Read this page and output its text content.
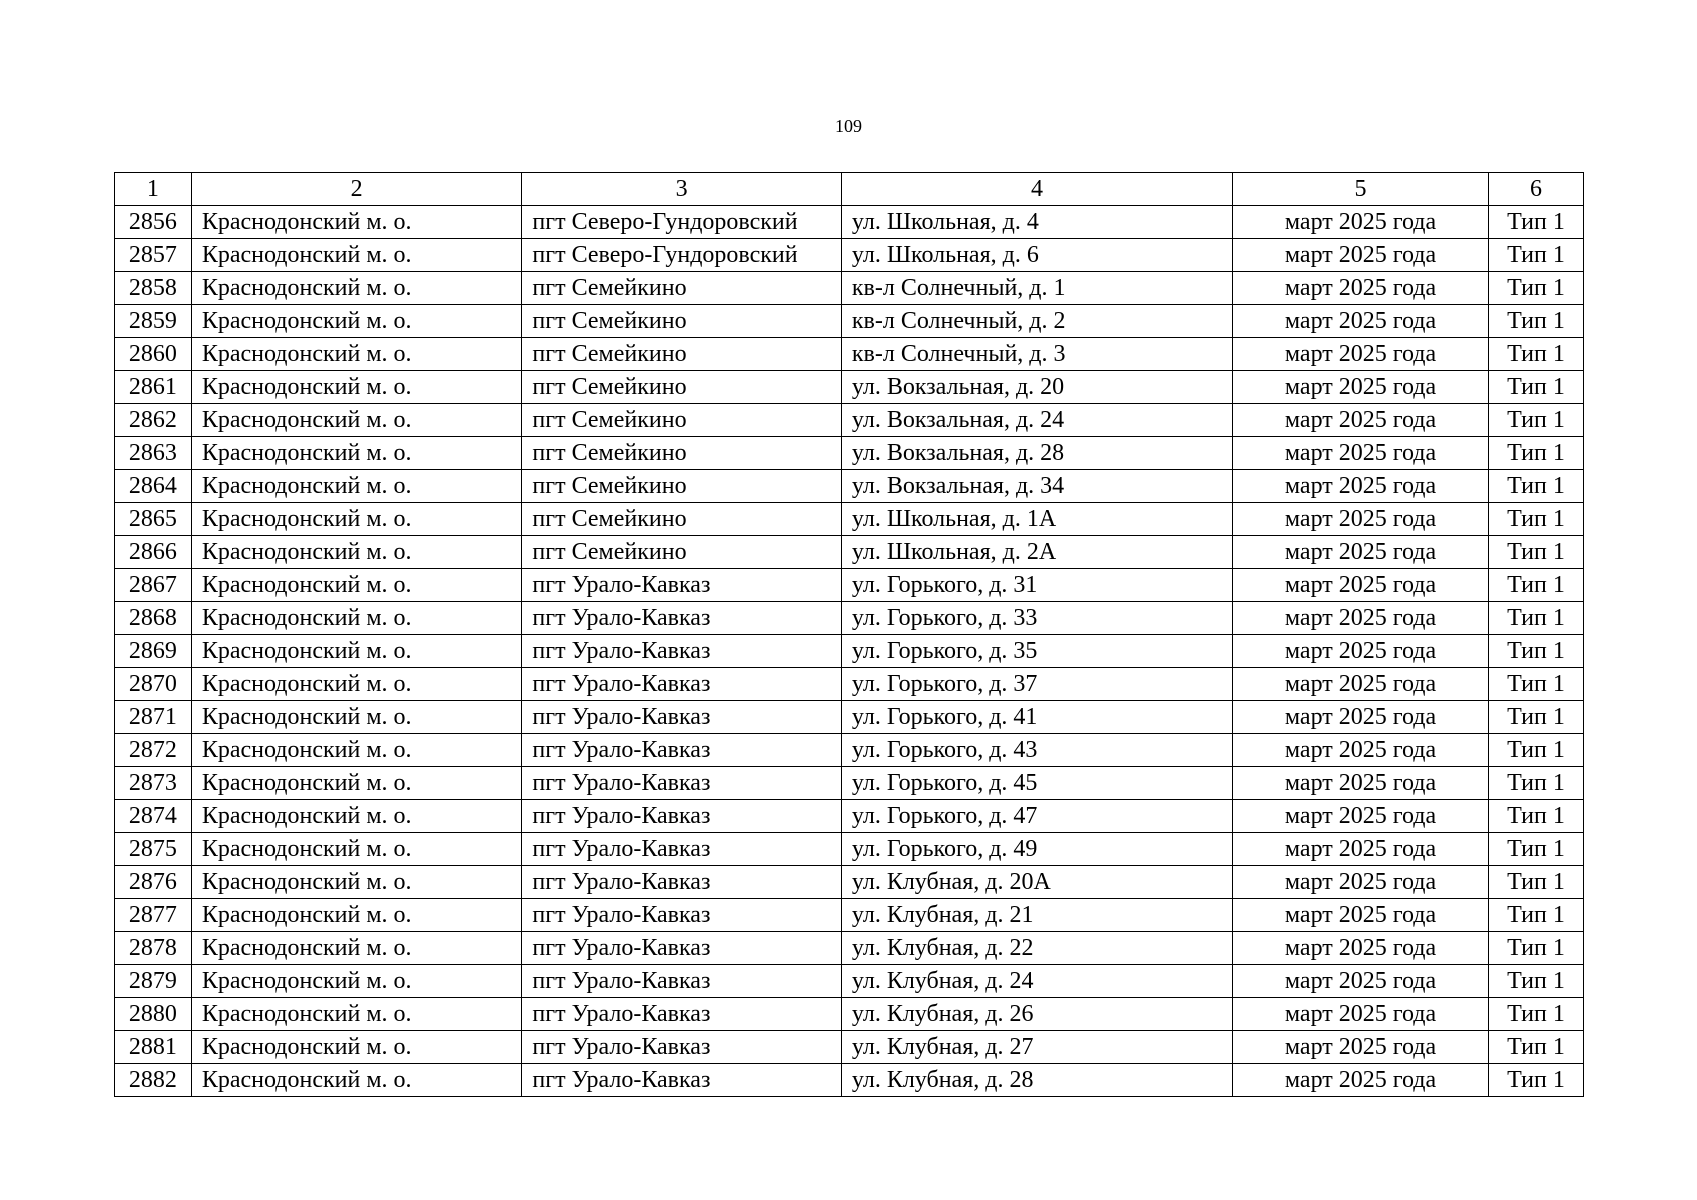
109
1	2	3	4	5	6
2856	Краснодонский м. о.	пгт Северо-Гундоровский	ул. Школьная, д. 4	март 2025 года	Тип 1
2857	Краснодонский м. о.	пгт Северо-Гундоровский	ул. Школьная, д. 6	март 2025 года	Тип 1
2858	Краснодонский м. о.	пгт Семейкино	кв-л Солнечный, д. 1	март 2025 года	Тип 1
2859	Краснодонский м. о.	пгт Семейкино	кв-л Солнечный, д. 2	март 2025 года	Тип 1
2860	Краснодонский м. о.	пгт Семейкино	кв-л Солнечный, д. 3	март 2025 года	Тип 1
2861	Краснодонский м. о.	пгт Семейкино	ул. Вокзальная, д. 20	март 2025 года	Тип 1
2862	Краснодонский м. о.	пгт Семейкино	ул. Вокзальная, д. 24	март 2025 года	Тип 1
2863	Краснодонский м. о.	пгт Семейкино	ул. Вокзальная, д. 28	март 2025 года	Тип 1
2864	Краснодонский м. о.	пгт Семейкино	ул. Вокзальная, д. 34	март 2025 года	Тип 1
2865	Краснодонский м. о.	пгт Семейкино	ул. Школьная, д. 1А	март 2025 года	Тип 1
2866	Краснодонский м. о.	пгт Семейкино	ул. Школьная, д. 2А	март 2025 года	Тип 1
2867	Краснодонский м. о.	пгт Урало-Кавказ	ул. Горького, д. 31	март 2025 года	Тип 1
2868	Краснодонский м. о.	пгт Урало-Кавказ	ул. Горького, д. 33	март 2025 года	Тип 1
2869	Краснодонский м. о.	пгт Урало-Кавказ	ул. Горького, д. 35	март 2025 года	Тип 1
2870	Краснодонский м. о.	пгт Урало-Кавказ	ул. Горького, д. 37	март 2025 года	Тип 1
2871	Краснодонский м. о.	пгт Урало-Кавказ	ул. Горького, д. 41	март 2025 года	Тип 1
2872	Краснодонский м. о.	пгт Урало-Кавказ	ул. Горького, д. 43	март 2025 года	Тип 1
2873	Краснодонский м. о.	пгт Урало-Кавказ	ул. Горького, д. 45	март 2025 года	Тип 1
2874	Краснодонский м. о.	пгт Урало-Кавказ	ул. Горького, д. 47	март 2025 года	Тип 1
2875	Краснодонский м. о.	пгт Урало-Кавказ	ул. Горького, д. 49	март 2025 года	Тип 1
2876	Краснодонский м. о.	пгт Урало-Кавказ	ул. Клубная, д. 20А	март 2025 года	Тип 1
2877	Краснодонский м. о.	пгт Урало-Кавказ	ул. Клубная, д. 21	март 2025 года	Тип 1
2878	Краснодонский м. о.	пгт Урало-Кавказ	ул. Клубная, д. 22	март 2025 года	Тип 1
2879	Краснодонский м. о.	пгт Урало-Кавказ	ул. Клубная, д. 24	март 2025 года	Тип 1
2880	Краснодонский м. о.	пгт Урало-Кавказ	ул. Клубная, д. 26	март 2025 года	Тип 1
2881	Краснодонский м. о.	пгт Урало-Кавказ	ул. Клубная, д. 27	март 2025 года	Тип 1
2882	Краснодонский м. о.	пгт Урало-Кавказ	ул. Клубная, д. 28	март 2025 года	Тип 1
